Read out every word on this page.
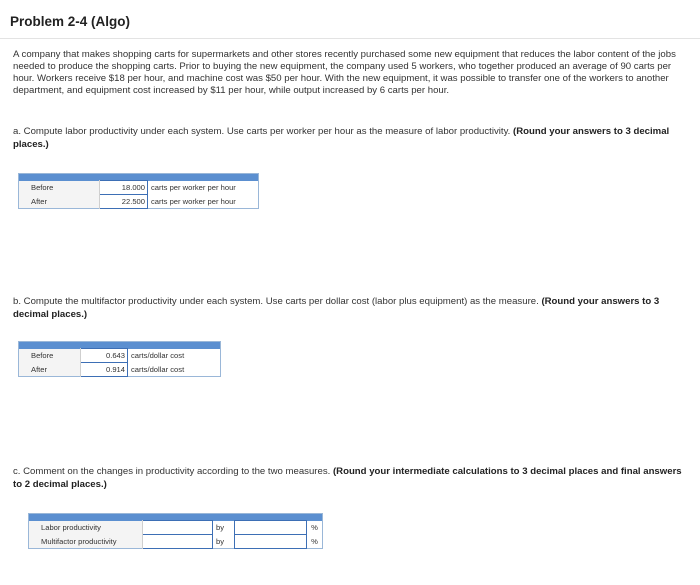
Problem 2-4 (Algo)
A company that makes shopping carts for supermarkets and other stores recently purchased some new equipment that reduces the labor content of the jobs needed to produce the shopping carts. Prior to buying the new equipment, the company used 5 workers, who together produced an average of 90 carts per hour. Workers receive $18 per hour, and machine cost was $50 per hour. With the new equipment, it was possible to transfer one of the workers to another department, and equipment cost increased by $11 per hour, while output increased by 6 carts per hour.
a. Compute labor productivity under each system. Use carts per worker per hour as the measure of labor productivity. (Round your answers to 3 decimal places.)

Before	18.000	carts per worker per hour
After	22.500	carts per worker per hour
b. Compute the multifactor productivity under each system. Use carts per dollar cost (labor plus equipment) as the measure. (Round your answers to 3 decimal places.)

Before	0.643	carts/dollar cost
After	0.914	carts/dollar cost
c. Comment on the changes in productivity according to the two measures. (Round your intermediate calculations to 3 decimal places and final answers to 2 decimal places.)

Labor productivity		by		%
Multifactor productivity		by		%
